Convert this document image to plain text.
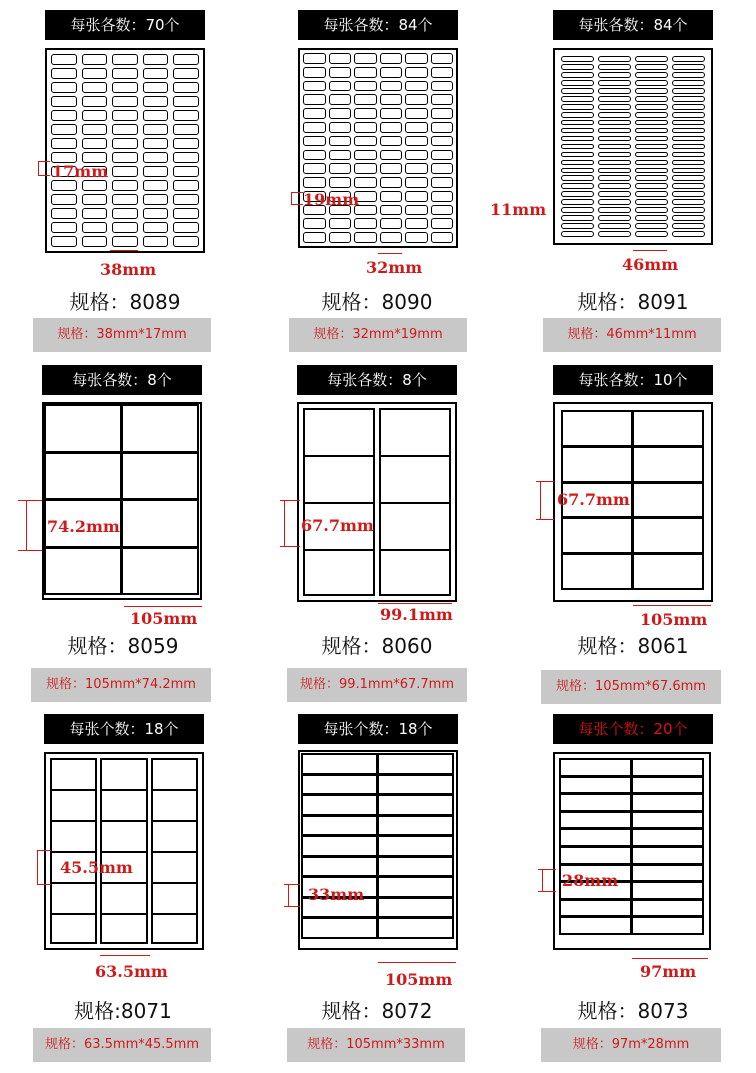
每张各数：70个
17mm
38mm
规格：8089
规格：38mm*17mm
每张各数：84个
19mm
32mm
规格：8090
规格：32mm*19mm
每张各数：84个
11mm
46mm
规格：8091
规格：46mm*11mm
每张各数：8个
74.2mm
105mm
规格：8059
规格：105mm*74.2mm
每张各数：8个
67.7mm
99.1mm
规格：8060
规格：99.1mm*67.7mm
每张各数：10个
67.7mm
105mm
规格：8061
规格：105mm*67.6mm
每张个数：18个
45.5mm
63.5mm
规格:8071
规格：63.5mm*45.5mm
每张个数：18个
33mm
105mm
规格：8072
规格：105mm*33mm
每张个数：20个
28mm
97mm
规格：8073
规格：97m*28mm
